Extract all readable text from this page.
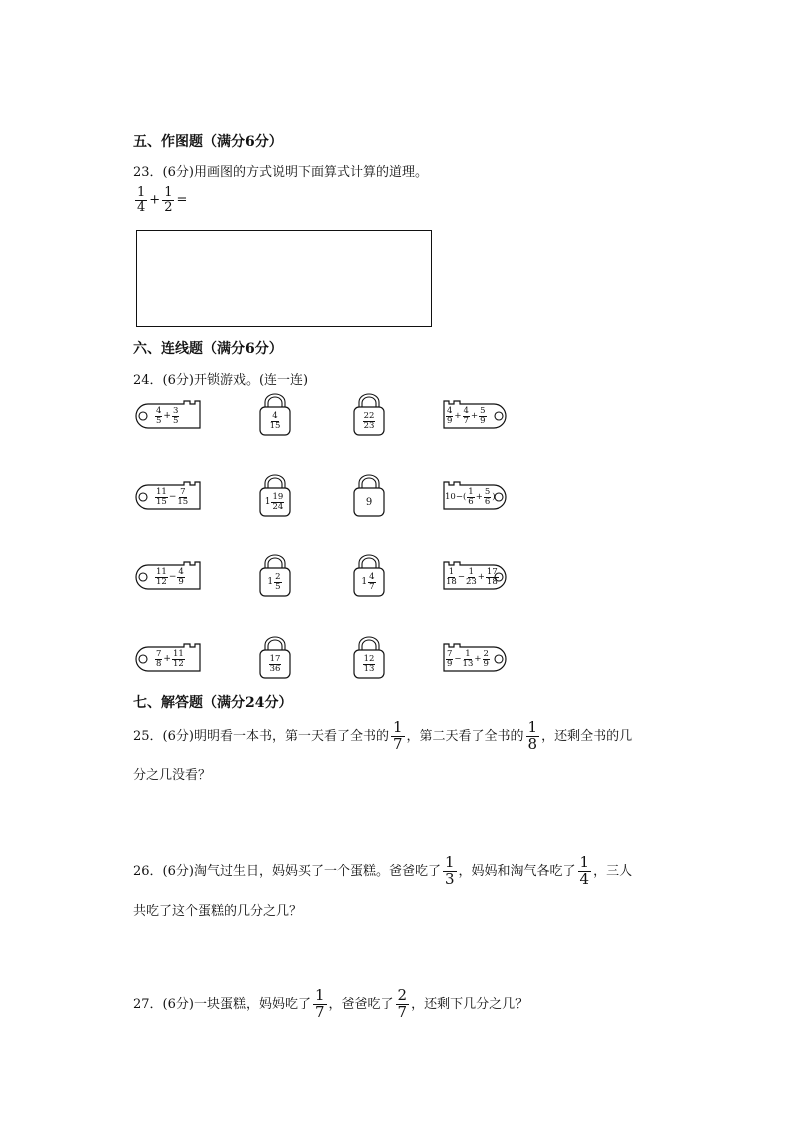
五、作图题（满分6分）
23．(6分)用画图的方式说明下面算式计算的道理。
$\frac{1}{4} + \frac{1}{2}$ =
六、连线题（满分6分）
24．(6分)开锁游戏。(连一连)
4
$5 + \frac{3}{5}$	4
15
22
23
4
$9 + \frac{4}{7} + \frac{5}{9}$
11
$15 - \frac{7}{15}$	1 19
24	9	10−( 1
$6 + \frac{5}{6}$ )
11
$12 - \frac{4}{9}$	1 2
5	1 4
7
1
$18 - \frac{1}{23} + \frac{17}{18}$
7
$8 + \frac{11}{12}$	17
36
12
13
7
$9 - \frac{1}{13} + \frac{2}{9}$
七、解答题（满分24分）
25．(6分)明明看一本书，第一天看了全书的 $\frac{1}{7}$ ，第二天看了全书的 $\frac{1}{8}$ ，还剩全书的几
分之几没看？
26．(6分)淘气过生日，妈妈买了一个蛋糕。爸爸吃了 $\frac{1}{3}$ ，妈妈和淘气各吃了 $\frac{1}{4}$ ，三人
共吃了这个蛋糕的几分之几？
27．(6分)一块蛋糕，妈妈吃了 $\frac{1}{7}$ ，爸爸吃了 $\frac{2}{7}$ ，还剩下几分之几？
